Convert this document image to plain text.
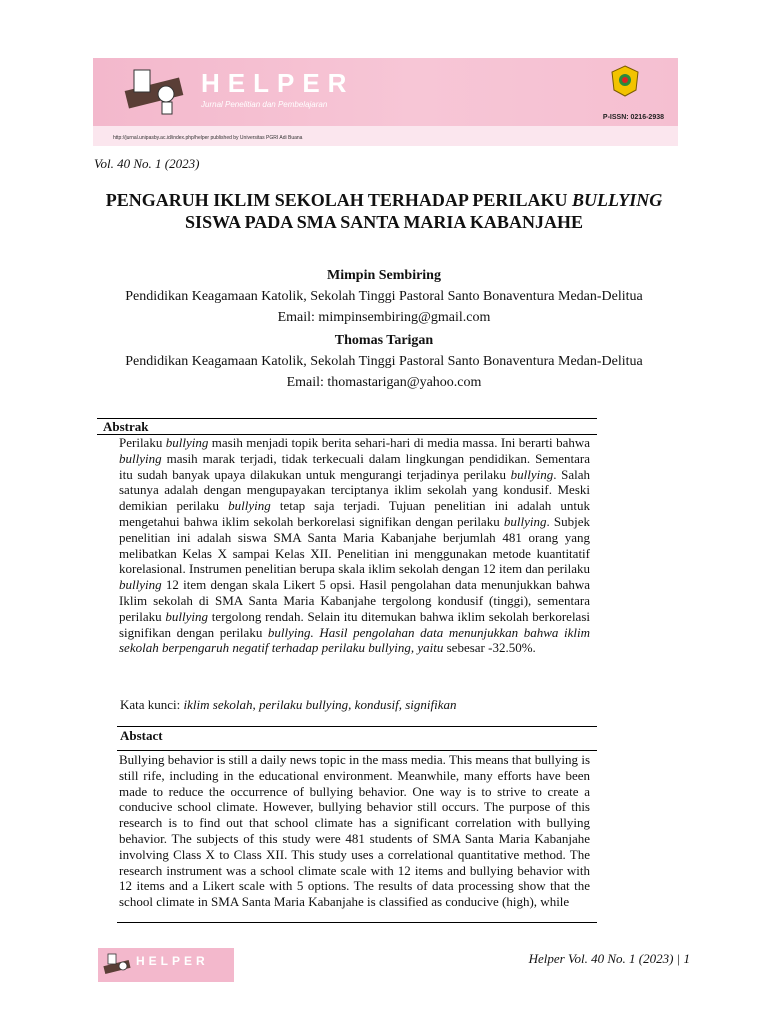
HELPER
Jurnal Penelitian dan Pembelajaran
P-ISSN: 0216-2938
http://jurnal.unipasby.ac.id/index.php/helper published by Universitas PGRI Adi Buana
Vol. 40 No. 1 (2023)
PENGARUH IKLIM SEKOLAH TERHADAP PERILAKU BULLYING
SISWA PADA SMA SANTA MARIA KABANJAHE
Mimpin Sembiring
Pendidikan Keagamaan Katolik, Sekolah Tinggi Pastoral Santo Bonaventura Medan-Delitua
Email: mimpinsembiring@gmail.com
Thomas Tarigan
Pendidikan Keagamaan Katolik, Sekolah Tinggi Pastoral Santo Bonaventura Medan-Delitua
Email: thomastarigan@yahoo.com
Abstrak
Perilaku bullying masih menjadi topik berita sehari-hari di media massa. Ini berarti bahwa bullying masih marak terjadi, tidak terkecuali dalam lingkungan pendidikan. Sementara itu sudah banyak upaya dilakukan untuk mengurangi terjadinya perilaku bullying. Salah satunya adalah dengan mengupayakan terciptanya iklim sekolah yang kondusif. Meski demikian perilaku bullying tetap saja terjadi. Tujuan penelitian ini adalah untuk mengetahui bahwa iklim sekolah berkorelasi signifikan dengan perilaku bullying. Subjek penelitian ini adalah siswa SMA Santa Maria Kabanjahe berjumlah 481 orang yang melibatkan Kelas X sampai Kelas XII. Penelitian ini menggunakan metode kuantitatif korelasional. Instrumen penelitian berupa skala iklim sekolah dengan 12 item dan perilaku bullying 12 item dengan skala Likert 5 opsi. Hasil pengolahan data menunjukkan bahwa Iklim sekolah di SMA Santa Maria Kabanjahe tergolong kondusif (tinggi), sementara perilaku bullying tergolong rendah. Selain itu ditemukan bahwa iklim sekolah berkorelasi signifikan dengan perilaku bullying. Hasil pengolahan data menunjukkan bahwa iklim sekolah berpengaruh negatif terhadap perilaku bullying, yaitu sebesar -32.50%.
Kata kunci: iklim sekolah, perilaku bullying, kondusif, signifikan
Abstact
Bullying behavior is still a daily news topic in the mass media. This means that bullying is still rife, including in the educational environment. Meanwhile, many efforts have been made to reduce the occurrence of bullying behavior. One way is to strive to create a conducive school climate. However, bullying behavior still occurs. The purpose of this research is to find out that school climate has a significant correlation with bullying behavior. The subjects of this study were 481 students of SMA Santa Maria Kabanjahe involving Class X to Class XII. This study uses a correlational quantitative method. The research instrument was a school climate scale with 12 items and bullying behavior with 12 items and a Likert scale with 5 options. The results of data processing show that the school climate in SMA Santa Maria Kabanjahe is classified as conducive (high), while
HELPER	Helper Vol. 40 No. 1 (2023) | 1
